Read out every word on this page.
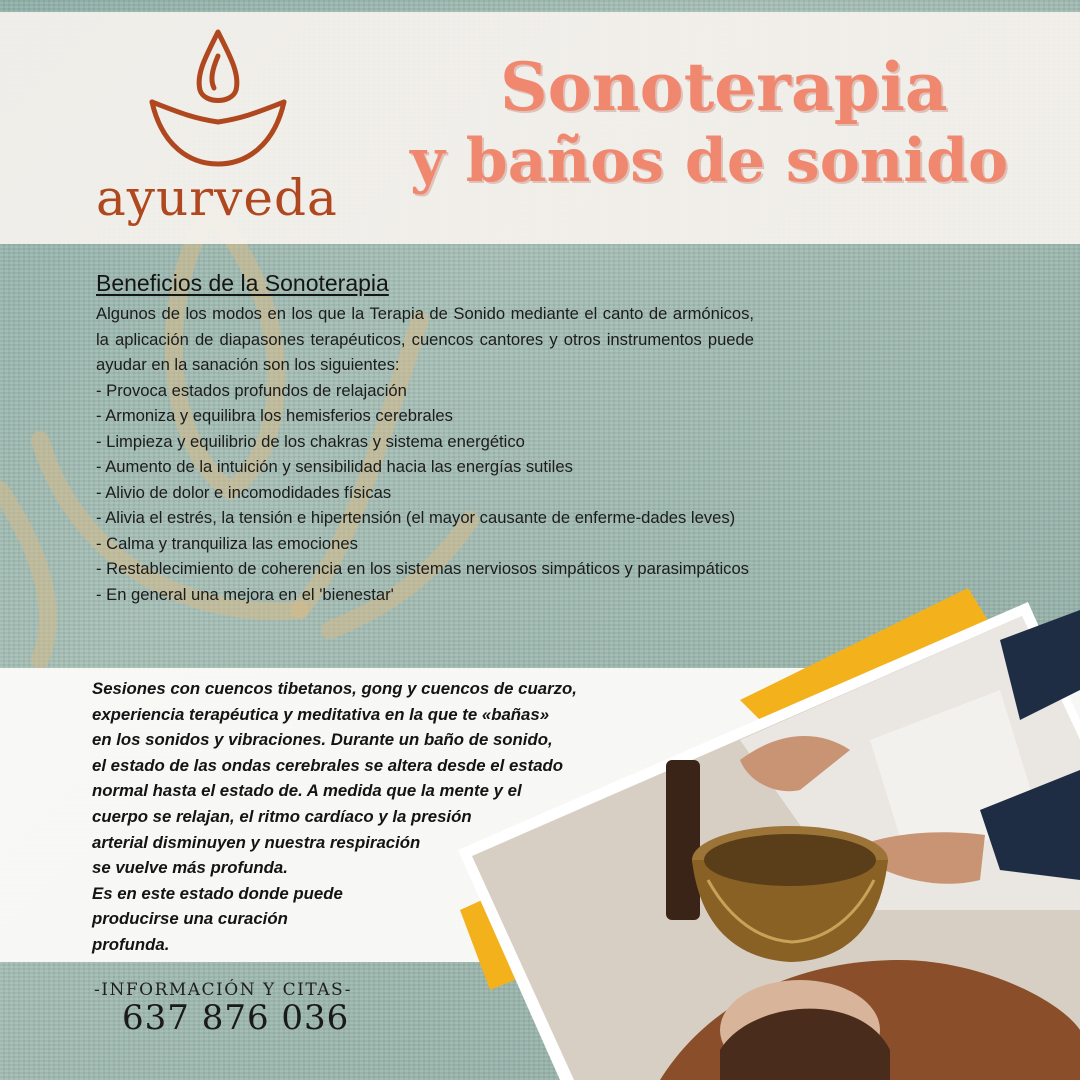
ayurveda
Sonoterapia
y baños de sonido
Beneficios de la Sonoterapia

Algunos de los modos en los que la Terapia de Sonido mediante el canto de armónicos, la aplicación de diapasones terapéuticos, cuencos cantores y otros instrumentos puede ayudar en la sanación son los siguientes:

- Provoca estados profundos de relajación
- Armoniza y equilibra los hemisferios cerebrales
- Limpieza y equilibrio de los chakras y sistema energético
- Aumento de la intuición y sensibilidad hacia las energías sutiles
- Alivio de dolor e incomodidades físicas
- Alivia el estrés, la tensión e hipertensión (el mayor causante de enferme-dades leves)
- Calma y tranquiliza las emociones
- Restablecimiento de coherencia en los sistemas nerviosos simpáticos y parasimpáticos
- En general una mejora en el 'bienestar'
Sesiones con cuencos tibetanos, gong y cuencos de cuarzo,
experiencia terapéutica y meditativa en la que te «bañas»
en los sonidos y vibraciones. Durante un baño de sonido,
el estado de las ondas cerebrales se altera desde el estado
normal hasta el estado de. A medida que la mente y el
cuerpo se relajan, el ritmo cardíaco y la presión
arterial disminuyen y nuestra respiración
se vuelve más profunda.
Es en este estado donde puede
producirse una curación
profunda.
-INFORMACIÓN Y CITAS-
637 876 036
